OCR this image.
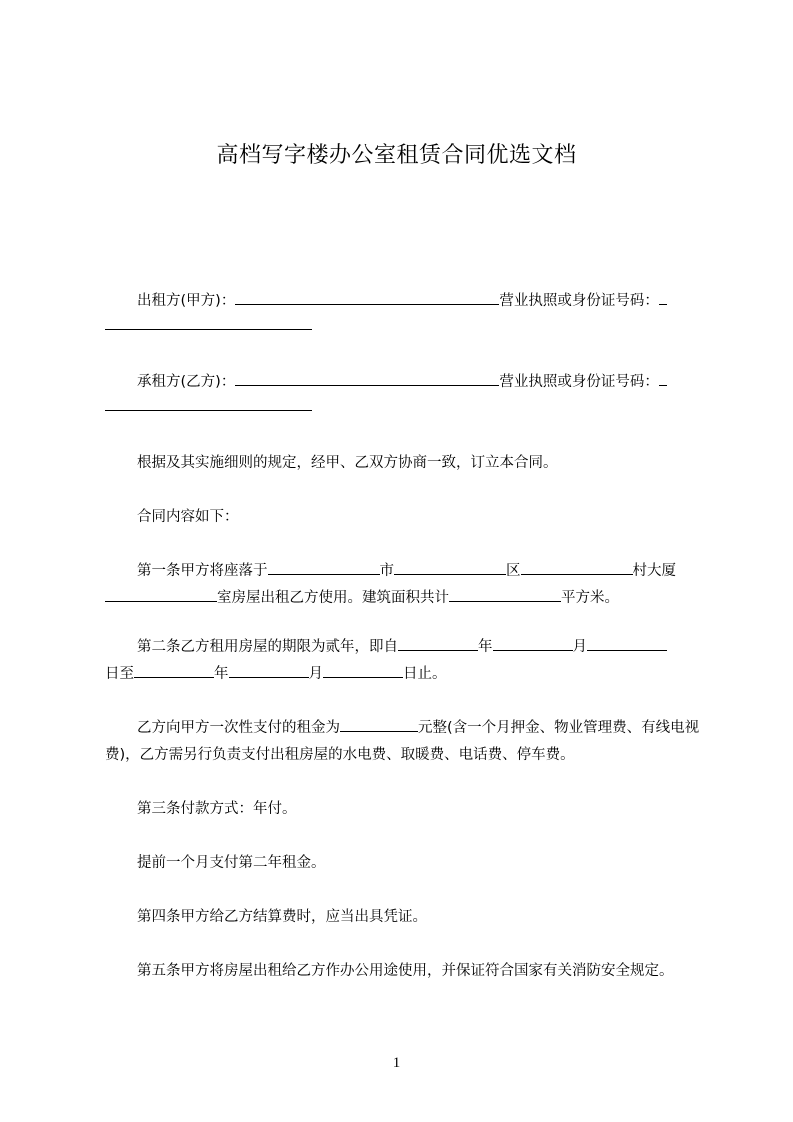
高档写字楼办公室租赁合同优选文档
出租方(甲方)：	营业执照或身份证号码：
承租方(乙方)：	营业执照或身份证号码：
根据及其实施细则的规定，经甲、乙双方协商一致，订立本合同。
合同内容如下：
第一条甲方将座落于	市	区	村大厦
室房屋出租乙方使用。建筑面积共计	平方米。
第二条乙方租用房屋的期限为贰年，即自	年	月
日至	年	月	日止。
乙方向甲方一次性支付的租金为	元整(含一个月押金、物业管理费、有线电视费)，乙方需另行负责支付出租房屋的水电费、取暖费、电话费、停车费。
第三条付款方式：年付。
提前一个月支付第二年租金。
第四条甲方给乙方结算费时，应当出具凭证。
第五条甲方将房屋出租给乙方作办公用途使用，并保证符合国家有关消防安全规定。
1
